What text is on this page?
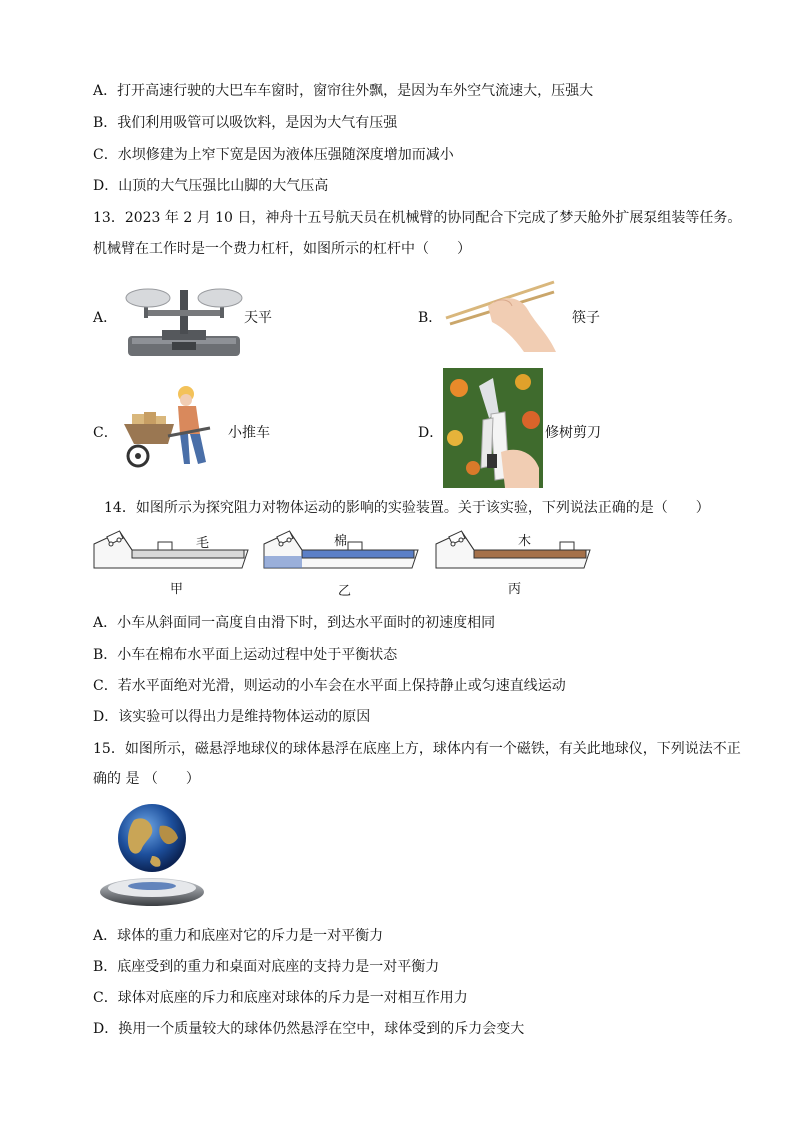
A．打开高速行驶的大巴车车窗时，窗帘往外飘，是因为车外空气流速大，压强大
B．我们利用吸管可以吸饮料，是因为大气有压强
C．水坝修建为上窄下宽是因为液体压强随深度增加而减小
D．山顶的大气压强比山脚的大气压高
13．2023 年 2 月 10 日，神舟十五号航天员在机械臂的协同配合下完成了梦天舱外扩展泵组装等任务。
机械臂在工作时是一个费力杠杆，如图所示的杠杆中（　　）
A．	天平	B．	筷子
C．	小推车	D．	修树剪刀
14．如图所示为探究阻力对物体运动的影响的实验装置。关于该实验，下列说法正确的是（　　）
毛
甲
棉
乙
木
丙
A．小车从斜面同一高度自由滑下时，到达水平面时的初速度相同
B．小车在棉布水平面上运动过程中处于平衡状态
C．若水平面绝对光滑，则运动的小车会在水平面上保持静止或匀速直线运动
D．该实验可以得出力是维持物体运动的原因
15．如图所示，磁悬浮地球仪的球体悬浮在底座上方，球体内有一个磁铁，有关此地球仪，下列说法不正
确的 是 （　　）
A．球体的重力和底座对它的斥力是一对平衡力
B．底座受到的重力和桌面对底座的支持力是一对平衡力
C．球体对底座的斥力和底座对球体的斥力是一对相互作用力
D．换用一个质量较大的球体仍然悬浮在空中，球体受到的斥力会变大
